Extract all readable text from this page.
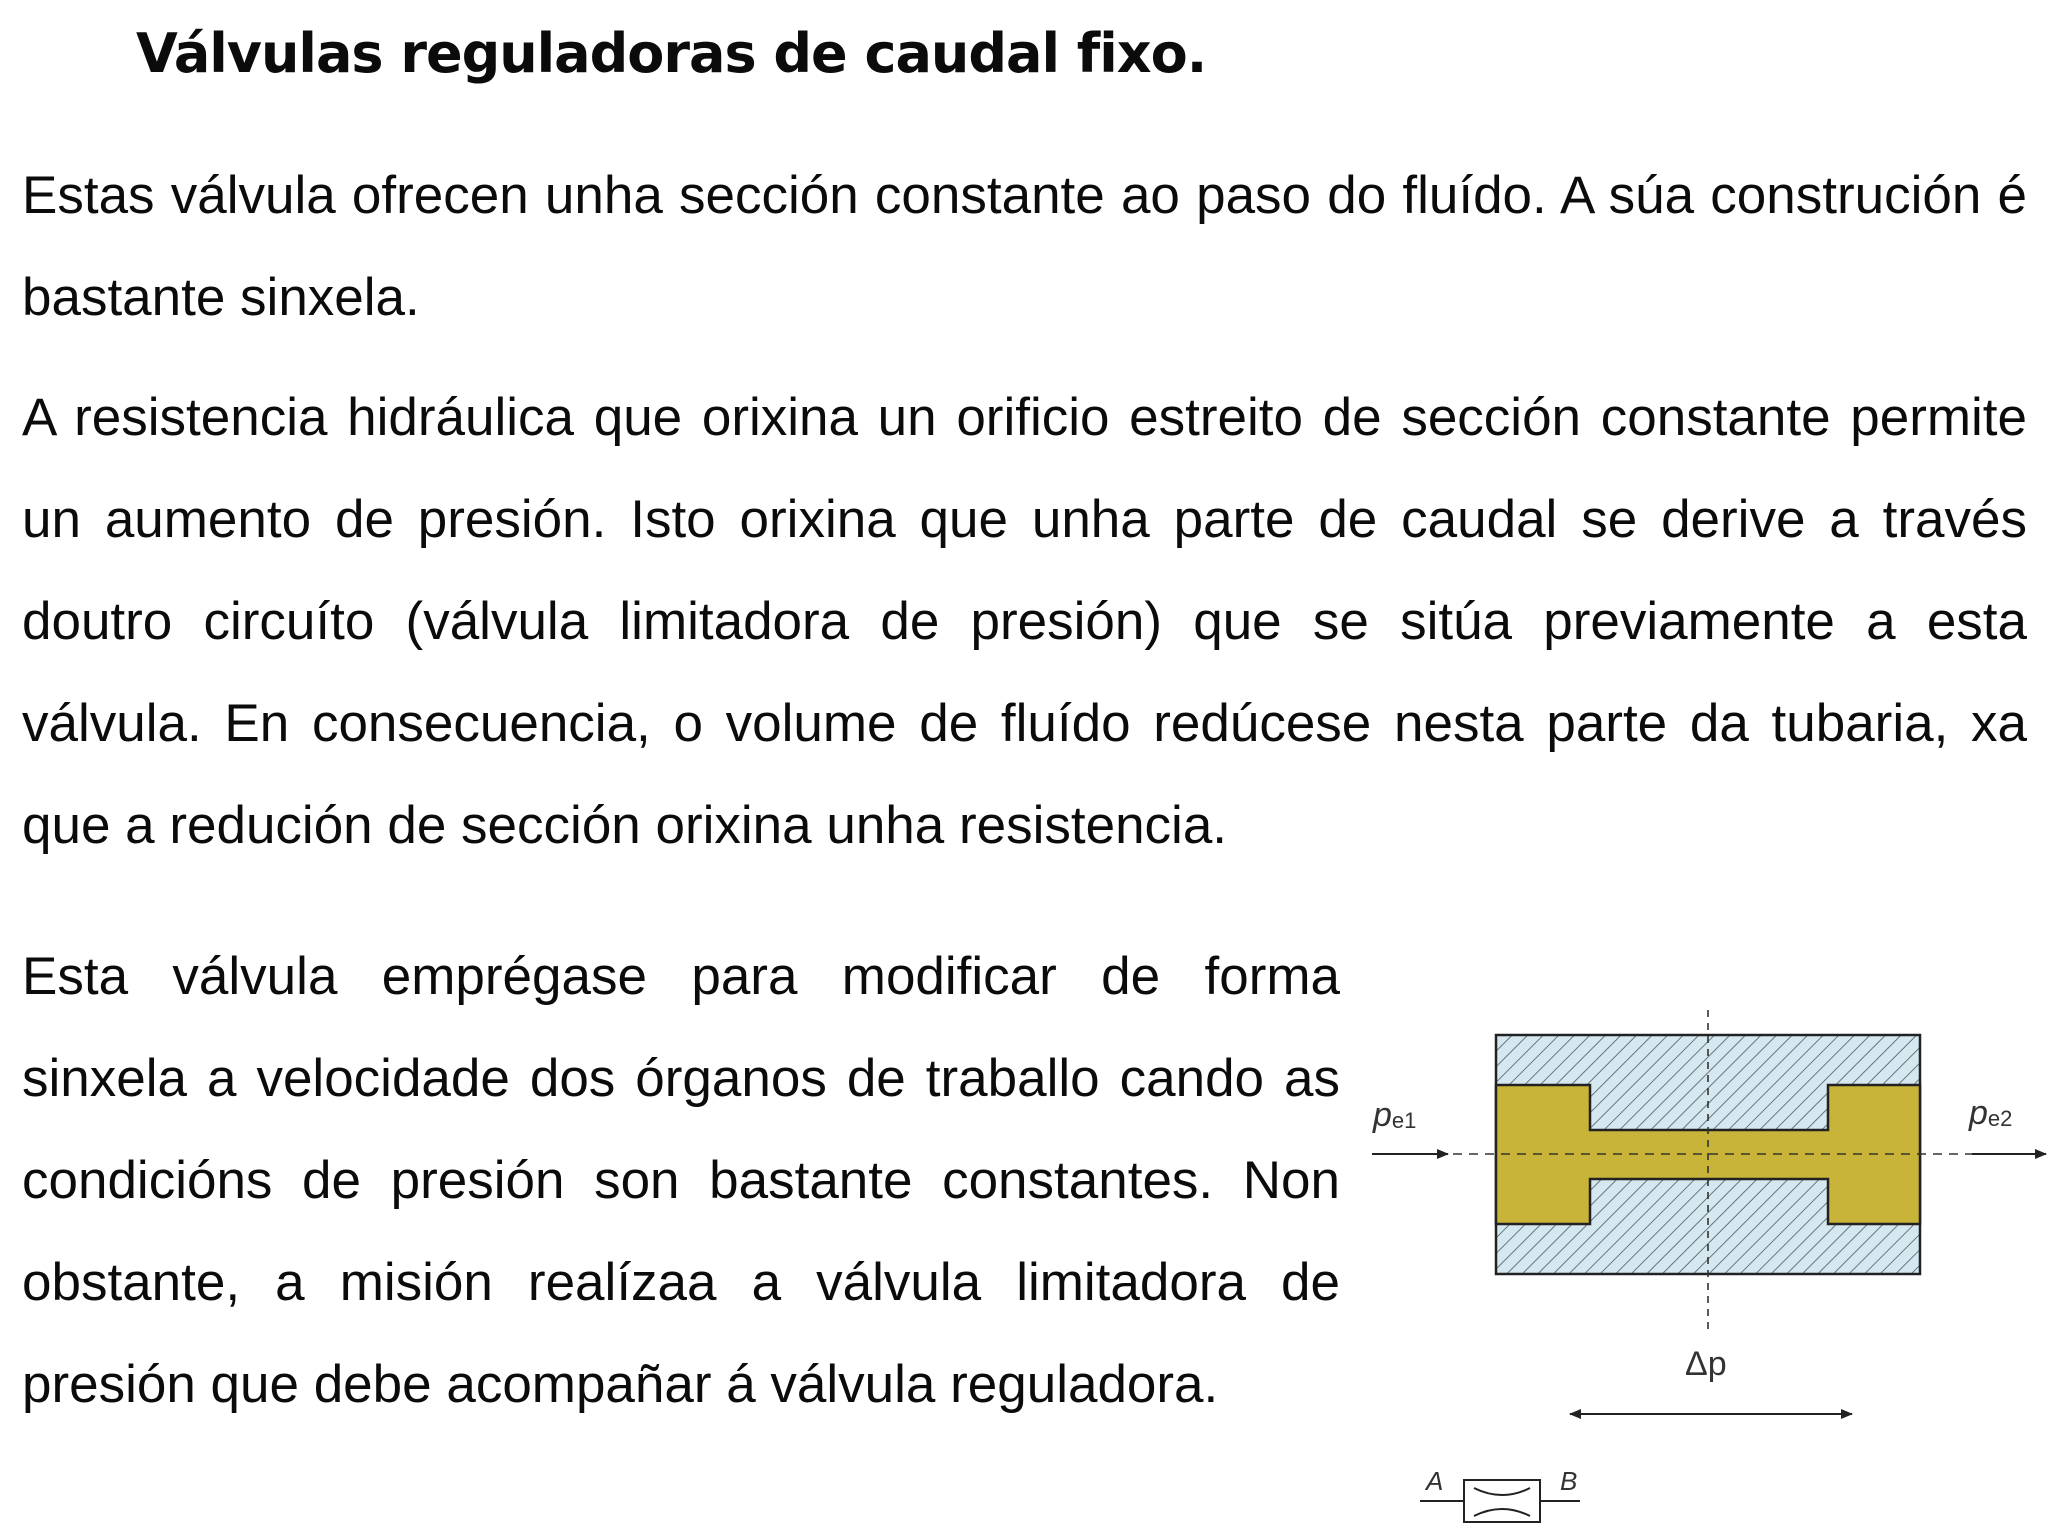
Válvulas reguladoras de caudal fixo.

Estas válvula ofrecen unha sección constante ao paso do fluído. A súa construción é bastante sinxela.

A resistencia hidráulica que orixina un orificio estreito de sección constante permite un aumento de presión. Isto orixina que unha parte de caudal se derive a través doutro circuíto (válvula limitadora de presión) que se sitúa previamente a esta válvula. En consecuencia, o volume de fluído redúcese nesta parte da tubaria, xa que a redución de sección orixina unha resistencia.

Esta válvula emprégase para modificar de forma sinxela a velocidade dos órganos de traballo cando as condicións de presión son bastante constantes. Non obstante, a misión realízaa a válvula limitadora de presión que debe acompañar á válvula reguladora.

pe1	pe2
Δp
A	B
